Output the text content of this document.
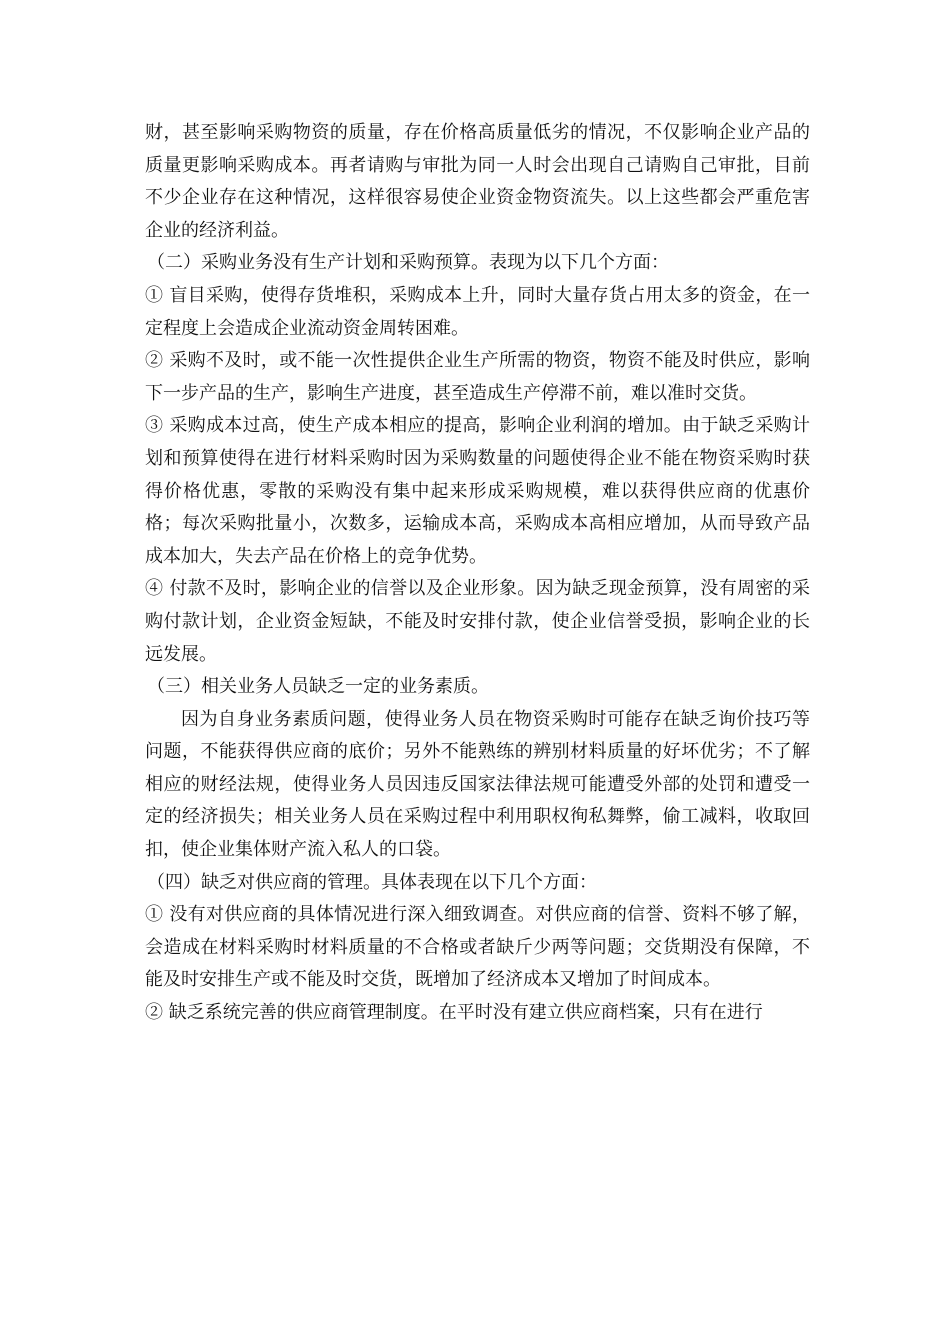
财，甚至影响采购物资的质量，存在价格高质量低劣的情况，不仅影响企业产品的质量更影响采购成本。再者请购与审批为同一人时会出现自己请购自己审批，目前不少企业存在这种情况，这样很容易使企业资金物资流失。以上这些都会严重危害企业的经济利益。

（二）采购业务没有生产计划和采购预算。表现为以下几个方面：

① 盲目采购，使得存货堆积，采购成本上升，同时大量存货占用太多的资金，在一定程度上会造成企业流动资金周转困难。

② 采购不及时，或不能一次性提供企业生产所需的物资，物资不能及时供应，影响下一步产品的生产，影响生产进度，甚至造成生产停滞不前，难以准时交货。

③ 采购成本过高，使生产成本相应的提高，影响企业利润的增加。由于缺乏采购计划和预算使得在进行材料采购时因为采购数量的问题使得企业不能在物资采购时获得价格优惠，零散的采购没有集中起来形成采购规模，难以获得供应商的优惠价格；每次采购批量小，次数多，运输成本高，采购成本高相应增加，从而导致产品成本加大，失去产品在价格上的竞争优势。

④ 付款不及时，影响企业的信誉以及企业形象。因为缺乏现金预算，没有周密的采购付款计划，企业资金短缺，不能及时安排付款，使企业信誉受损，影响企业的长远发展。

（三）相关业务人员缺乏一定的业务素质。

因为自身业务素质问题，使得业务人员在物资采购时可能存在缺乏询价技巧等问题，不能获得供应商的底价；另外不能熟练的辨别材料质量的好坏优劣；不了解相应的财经法规，使得业务人员因违反国家法律法规可能遭受外部的处罚和遭受一定的经济损失；相关业务人员在采购过程中利用职权徇私舞弊，偷工减料，收取回扣，使企业集体财产流入私人的口袋。

（四）缺乏对供应商的管理。具体表现在以下几个方面：

① 没有对供应商的具体情况进行深入细致调查。对供应商的信誉、资料不够了解，会造成在材料采购时材料质量的不合格或者缺斤少两等问题；交货期没有保障，不能及时安排生产或不能及时交货，既增加了经济成本又增加了时间成本。

② 缺乏系统完善的供应商管理制度。在平时没有建立供应商档案，只有在进行
